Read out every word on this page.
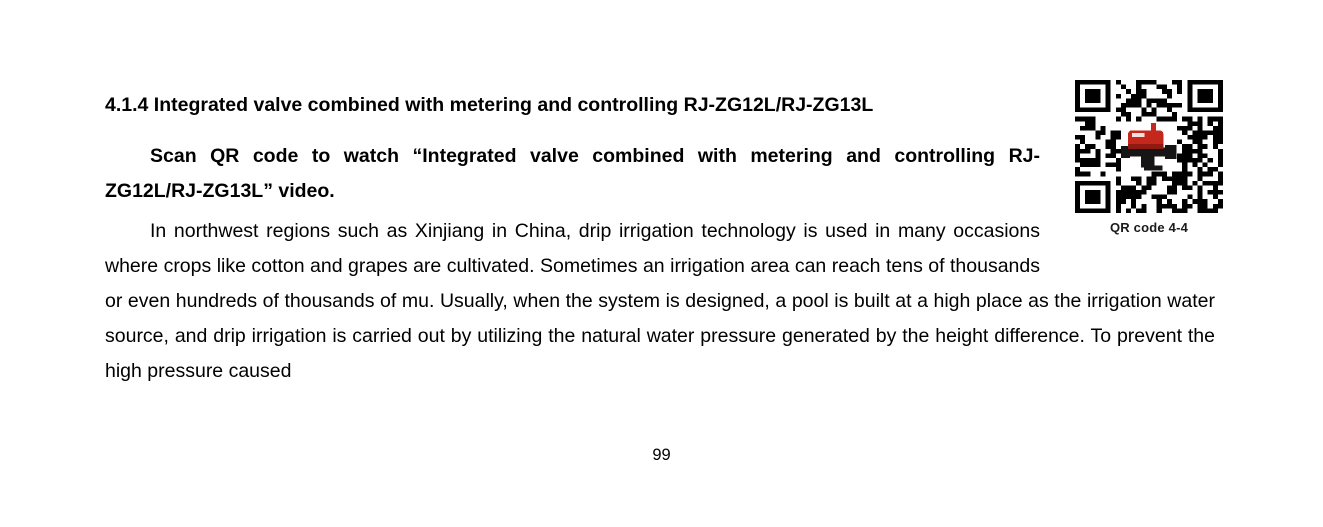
QR code 4-4
4.1.4 Integrated valve combined with metering and controlling RJ-ZG12L/RJ-ZG13L

Scan QR code to watch “Integrated valve combined with metering and controlling RJ-ZG12L/RJ-ZG13L” video.

In northwest regions such as Xinjiang in China, drip irrigation technology is used in many occasions where crops like cotton and grapes are cultivated. Sometimes an irrigation area can reach tens of thousands or even hundreds of thousands of mu. Usually, when the system is designed, a pool is built at a high place as the irrigation water source, and drip irrigation is carried out by utilizing the natural water pressure generated by the height difference. To prevent the high pressure caused

99
